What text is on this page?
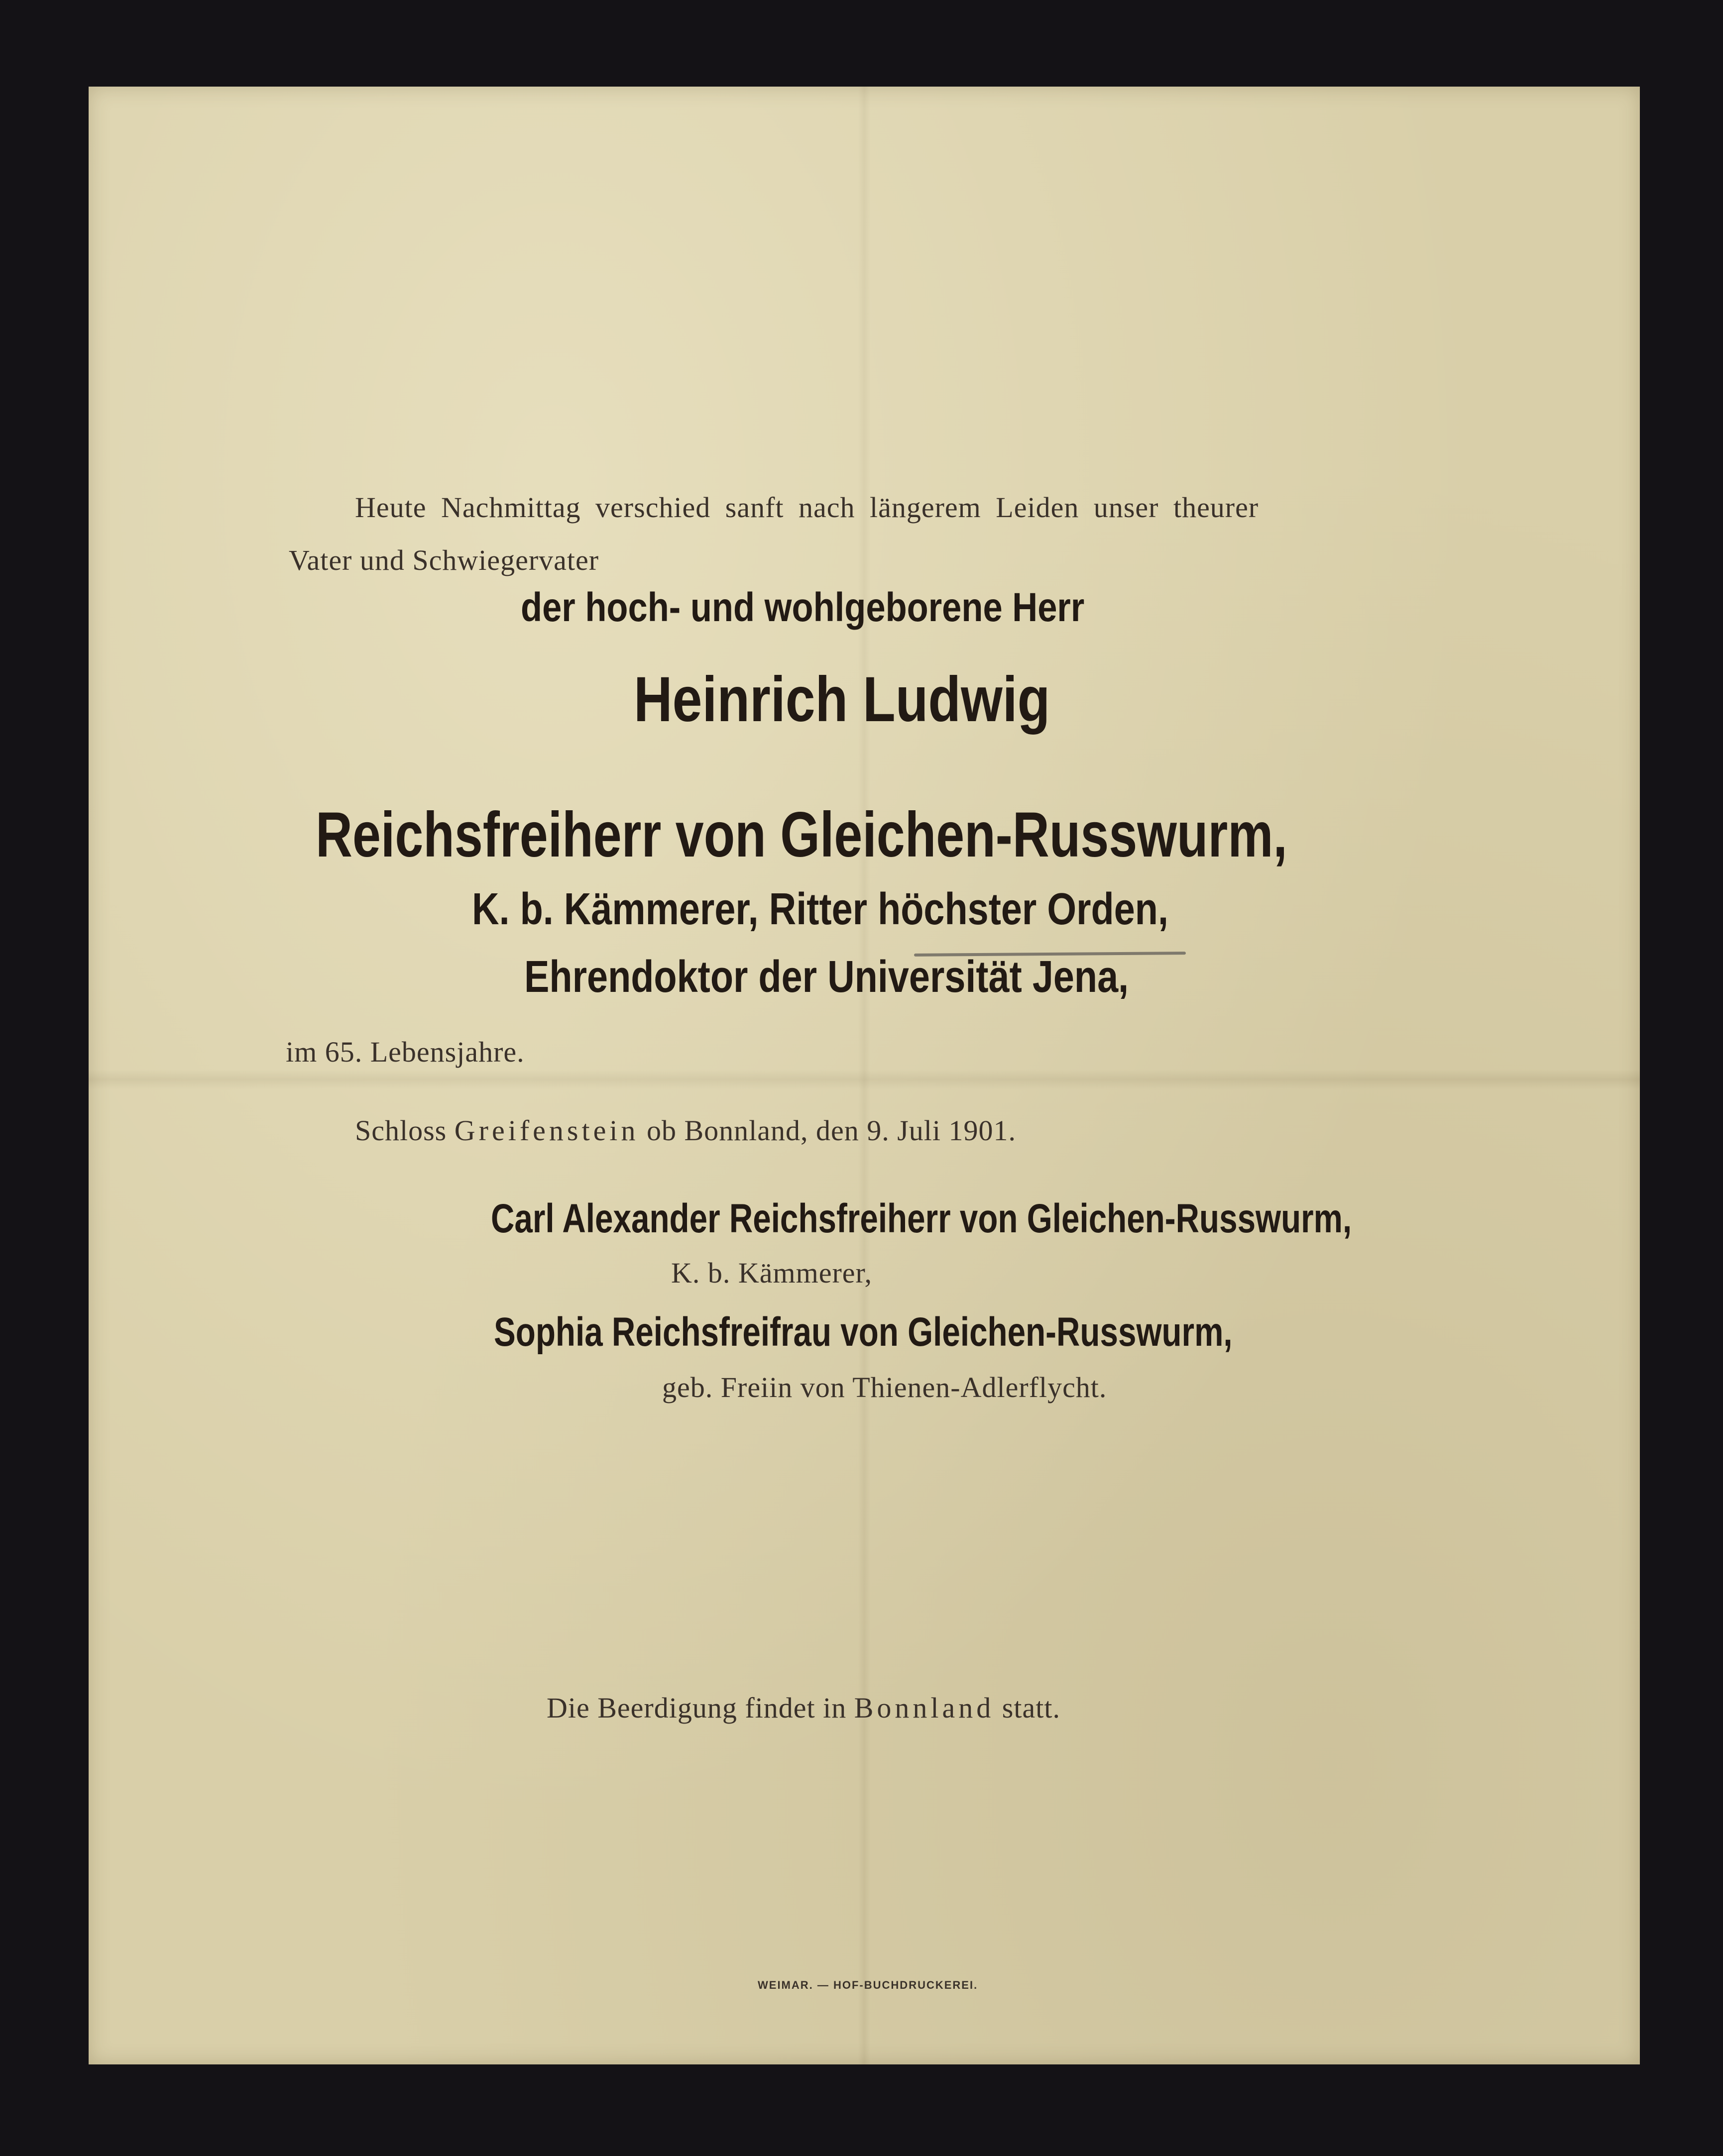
Heute Nachmittag verschied sanft nach längerem Leiden unser theurer
Vater und Schwiegervater
der hoch- und wohlgeborene Herr
Heinrich Ludwig
Reichsfreiherr von Gleichen-Russwurm,
K. b. Kämmerer, Ritter höchster Orden,
Ehrendoktor der Universität Jena,
im 65. Lebensjahre.
Schloss Greifenstein ob Bonnland, den 9. Juli 1901.
Carl Alexander Reichsfreiherr von Gleichen-Russwurm,
K. b. Kämmerer,
Sophia Reichsfreifrau von Gleichen-Russwurm,
geb. Freiin von Thienen-Adlerflycht.
Die Beerdigung findet in Bonnland statt.
WEIMAR. — HOF-BUCHDRUCKEREI.
